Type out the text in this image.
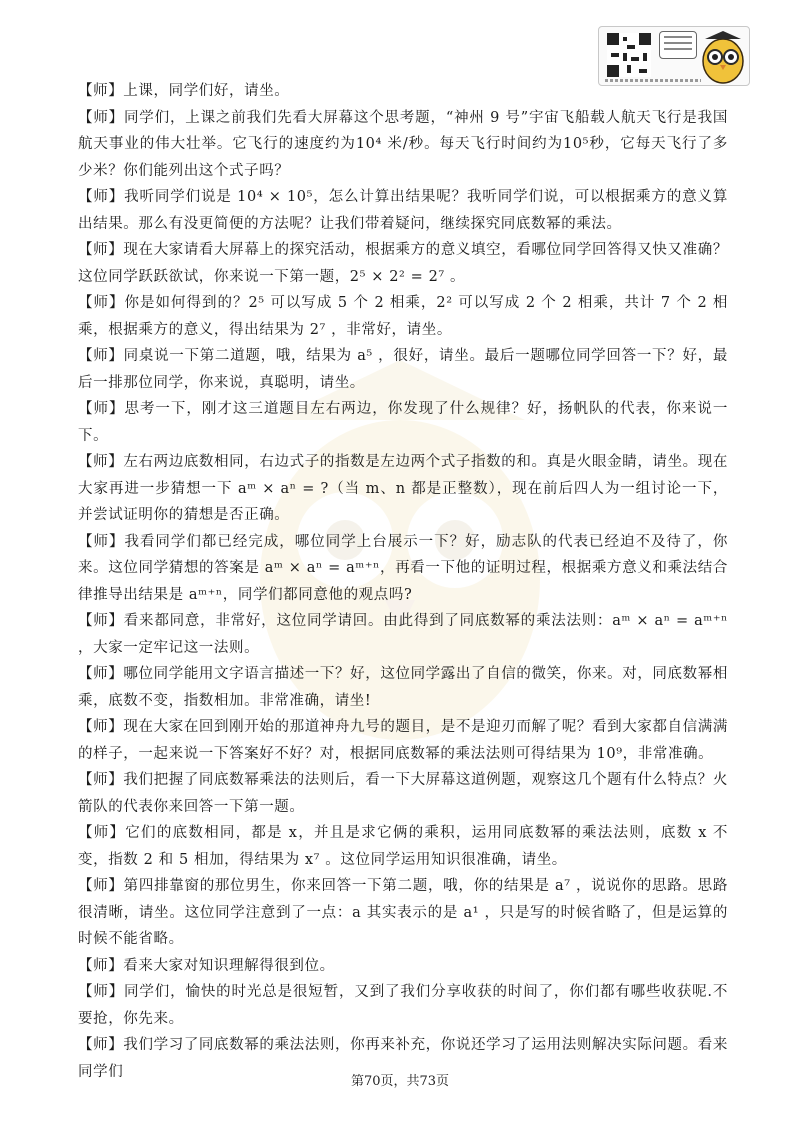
【师】上课，同学们好，请坐。

【师】同学们，上课之前我们先看大屏幕这个思考题，“神州 9 号”宇宙飞船载人航天飞行是我国航天事业的伟大壮举。它飞行的速度约为10⁴ 米/秒。每天飞行时间约为10⁵秒，它每天飞行了多少米？你们能列出这个式子吗？

【师】我听同学们说是 10⁴ × 10⁵，怎么计算出结果呢？我听同学们说，可以根据乘方的意义算出结果。那么有没更简便的方法呢？让我们带着疑问，继续探究同底数幂的乘法。

【师】现在大家请看大屏幕上的探究活动，根据乘方的意义填空，看哪位同学回答得又快又准确？这位同学跃跃欲试，你来说一下第一题，2⁵ × 2² = 2⁷ 。

【师】你是如何得到的？2⁵ 可以写成 5 个 2 相乘，2² 可以写成 2 个 2 相乘，共计 7 个 2 相乘，根据乘方的意义，得出结果为 2⁷ ，非常好，请坐。

【师】同桌说一下第二道题，哦，结果为 a⁵ ，很好，请坐。最后一题哪位同学回答一下？好，最后一排那位同学，你来说，真聪明，请坐。

【师】思考一下，刚才这三道题目左右两边，你发现了什么规律？好，扬帆队的代表，你来说一下。

【师】左右两边底数相同，右边式子的指数是左边两个式子指数的和。真是火眼金睛，请坐。现在大家再进一步猜想一下 aᵐ × aⁿ = ?（当 m、n 都是正整数），现在前后四人为一组讨论一下，并尝试证明你的猜想是否正确。

【师】我看同学们都已经完成，哪位同学上台展示一下？好，励志队的代表已经迫不及待了，你来。这位同学猜想的答案是 aᵐ × aⁿ = aᵐ⁺ⁿ，再看一下他的证明过程，根据乘方意义和乘法结合律推导出结果是 aᵐ⁺ⁿ，同学们都同意他的观点吗?

【师】看来都同意，非常好，这位同学请回。由此得到了同底数幂的乘法法则：aᵐ × aⁿ = aᵐ⁺ⁿ ，大家一定牢记这一法则。

【师】哪位同学能用文字语言描述一下？好，这位同学露出了自信的微笑，你来。对，同底数幂相乘，底数不变，指数相加。非常准确，请坐!

【师】现在大家在回到刚开始的那道神舟九号的题目，是不是迎刃而解了呢？看到大家都自信满满的样子，一起来说一下答案好不好？对，根据同底数幂的乘法法则可得结果为 10⁹，非常准确。

【师】我们把握了同底数幂乘法的法则后，看一下大屏幕这道例题，观察这几个题有什么特点？火箭队的代表你来回答一下第一题。

【师】它们的底数相同，都是 x，并且是求它俩的乘积，运用同底数幂的乘法法则，底数 x 不变，指数 2 和 5 相加，得结果为 x⁷ 。这位同学运用知识很准确，请坐。

【师】第四排靠窗的那位男生，你来回答一下第二题，哦，你的结果是 a⁷ ，说说你的思路。思路很清晰，请坐。这位同学注意到了一点：a 其实表示的是 a¹ ，只是写的时候省略了，但是运算的时候不能省略。

【师】看来大家对知识理解得很到位。

【师】同学们，愉快的时光总是很短暂，又到了我们分享收获的时间了，你们都有哪些收获呢.不要抢，你先来。

【师】我们学习了同底数幂的乘法法则，你再来补充，你说还学习了运用法则解决实际问题。看来同学们

第70页，共73页
